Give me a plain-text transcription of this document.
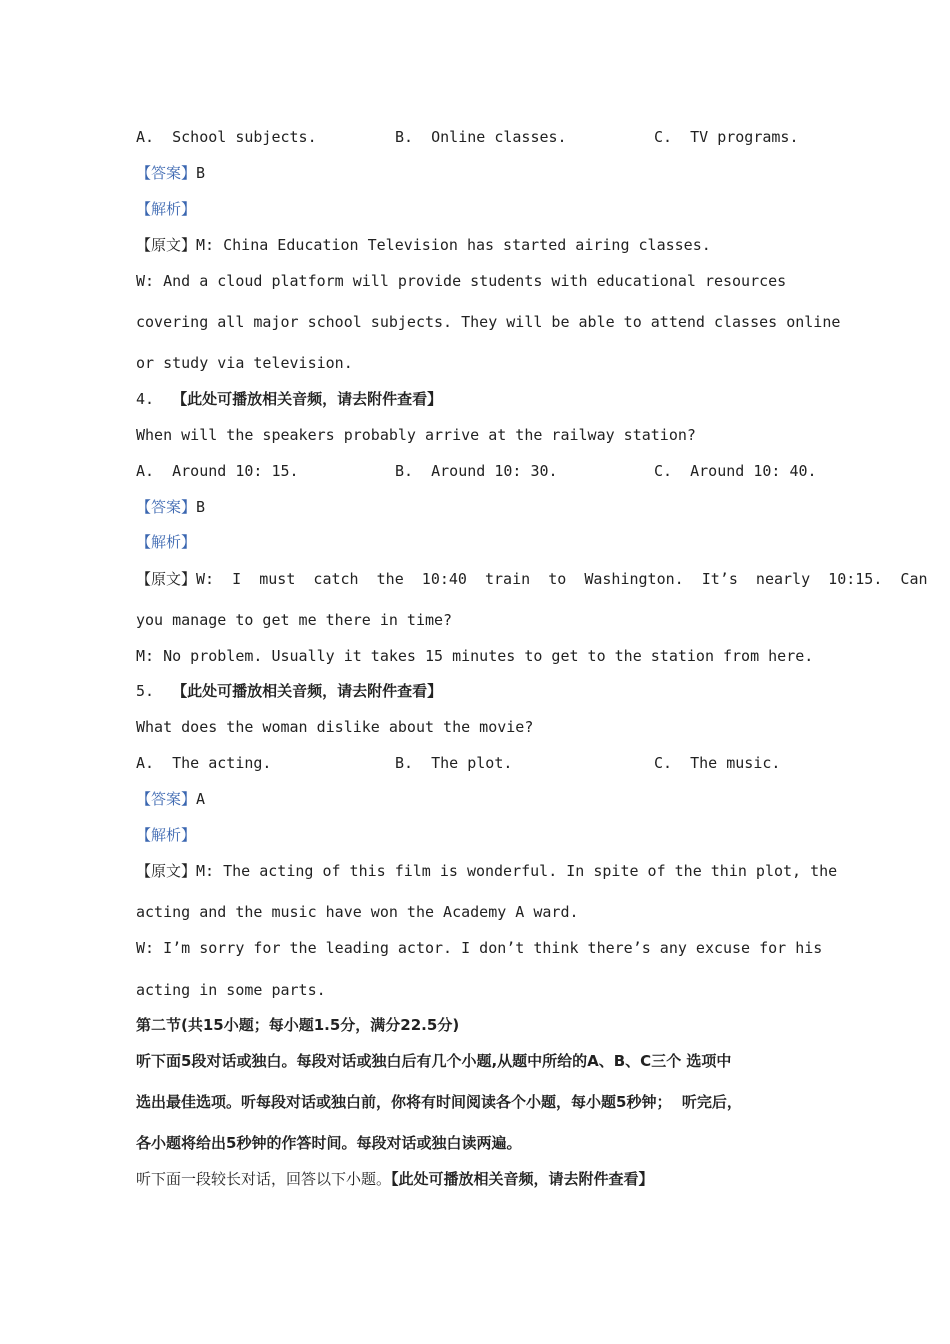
A.  School subjects.	B.  Online classes.	C.  TV programs.
【答案】B
【解析】
【原文】M: China Education Television has started airing classes.
W: And a cloud platform will provide students with educational resources
covering all major school subjects. They will be able to attend classes online
or study via television.
4.  【此处可播放相关音频，请去附件查看】
When will the speakers probably arrive at the railway station?
A.  Around 10: 15.	B.  Around 10: 30.	C.  Around 10: 40.
【答案】B
【解析】
【原文】W:  I  must  catch  the  10:40  train  to  Washington.  It’s  nearly  10:15.  Can
you manage to get me there in time?
M: No problem. Usually it takes 15 minutes to get to the station from here.
5.  【此处可播放相关音频，请去附件查看】
What does the woman dislike about the movie?
A.  The acting.	B.  The plot.	C.  The music.
【答案】A
【解析】
【原文】M: The acting of this film is wonderful. In spite of the thin plot, the
acting and the music have won the Academy A ward.
W: I’m sorry for the leading actor. I don’t think there’s any excuse for his
acting in some parts.
第二节(共15小题；每小题1.5分，满分22.5分)
听下面5段对话或独白。每段对话或独白后有几个小题,从题中所给的A、B、C三个 选项中
选出最佳选项。听每段对话或独白前，你将有时间阅读各个小题，每小题5秒钟；  听完后，
各小题将给出5秒钟的作答时间。每段对话或独白读两遍。
听下面一段较长对话，回答以下小题。【此处可播放相关音频，请去附件查看】
